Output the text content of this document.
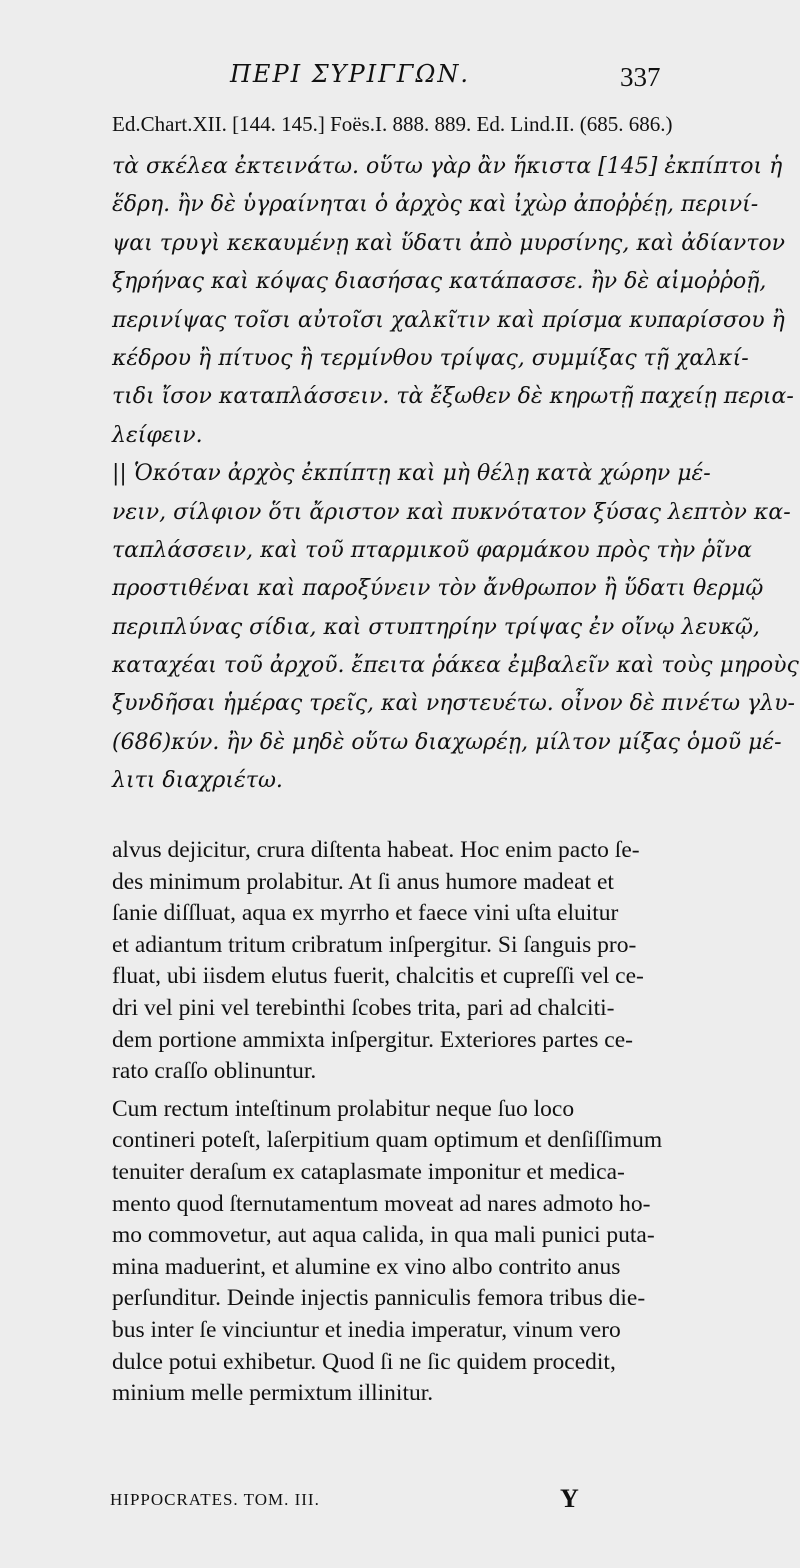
ΠΕΡΙ ΣΥΡΙΓΓΩΝ.	337
Ed.Chart.XII. [144. 145.] Foës.I. 888. 889. Ed. Lind.II. (685. 686.)
τὰ σκέλεα ἐκτεινάτω. οὕτω γὰρ ἂν ἥκιστα [145] ἐκπίπτοι ἡ
ἕδρη. ἢν δὲ ὑγραίνηται ὁ ἀρχὸς καὶ ἰχὼρ ἀποῤῥέῃ, περινί-
ψαι τρυγὶ κεκαυμένῃ καὶ ὕδατι ἀπὸ μυρσίνης, καὶ ἀδίαντον
ξηρήνας καὶ κόψας διασήσας κατάπασσε. ἢν δὲ αἱμοῤῥοῇ,
περινίψας τοῖσι αὐτοῖσι χαλκῖτιν καὶ πρίσμα κυπαρίσσου ἢ
κέδρου ἢ πίτυος ἢ τερμίνθου τρίψας, συμμίξας τῇ χαλκί-
τιδι ἴσον καταπλάσσειν. τὰ ἔξωθεν δὲ κηρωτῇ παχείῃ περια-
λείφειν.
|| Ὁκόταν ἀρχὸς ἐκπίπτῃ καὶ μὴ θέλῃ κατὰ χώρην μέ-
νειν, σίλφιον ὅτι ἄριστον καὶ πυκνότατον ξύσας λεπτὸν κα-
ταπλάσσειν, καὶ τοῦ πταρμικοῦ φαρμάκου πρὸς τὴν ῥῖνα
προστιθέναι καὶ παροξύνειν τὸν ἄνθρωπον ἢ ὕδατι θερμῷ
περιπλύνας σίδια, καὶ στυπτηρίην τρίψας ἐν οἴνῳ λευκῷ,
καταχέαι τοῦ ἀρχοῦ. ἔπειτα ῥάκεα ἐμβαλεῖν καὶ τοὺς μηροὺς
ξυνδῆσαι ἡμέρας τρεῖς, καὶ νηστευέτω. οἶνον δὲ πινέτω γλυ-
(686)κύν. ἢν δὲ μηδὲ οὕτω διαχωρέῃ, μίλτον μίξας ὁμοῦ μέ-
λιτι διαχριέτω.
alvus dejicitur, crura diſtenta habeat. Hoc enim pacto ſe-
des minimum prolabitur. At ſi anus humore madeat et
ſanie diſſluat, aqua ex myrrho et faece vini uſta eluitur
et adiantum tritum cribratum inſpergitur. Si ſanguis pro-
fluat, ubi iisdem elutus fuerit, chalcitis et cupreſſi vel ce-
dri vel pini vel terebinthi ſcobes trita, pari ad chalciti-
dem portione ammixta inſpergitur. Exteriores partes ce-
rato craſſo oblinuntur.
Cum rectum inteſtinum prolabitur neque ſuo loco
contineri poteſt, laſerpitium quam optimum et denſiſſimum
tenuiter deraſum ex cataplasmate imponitur et medica-
mento quod ſternutamentum moveat ad nares admoto ho-
mo commovetur, aut aqua calida, in qua mali punici puta-
mina maduerint, et alumine ex vino albo contrito anus
perſunditur. Deinde injectis panniculis femora tribus die-
bus inter ſe vinciuntur et inedia imperatur, vinum vero
dulce potui exhibetur. Quod ſi ne ſic quidem procedit,
minium melle permixtum illinitur.
HIPPOCRATES. TOM. III.	Y
